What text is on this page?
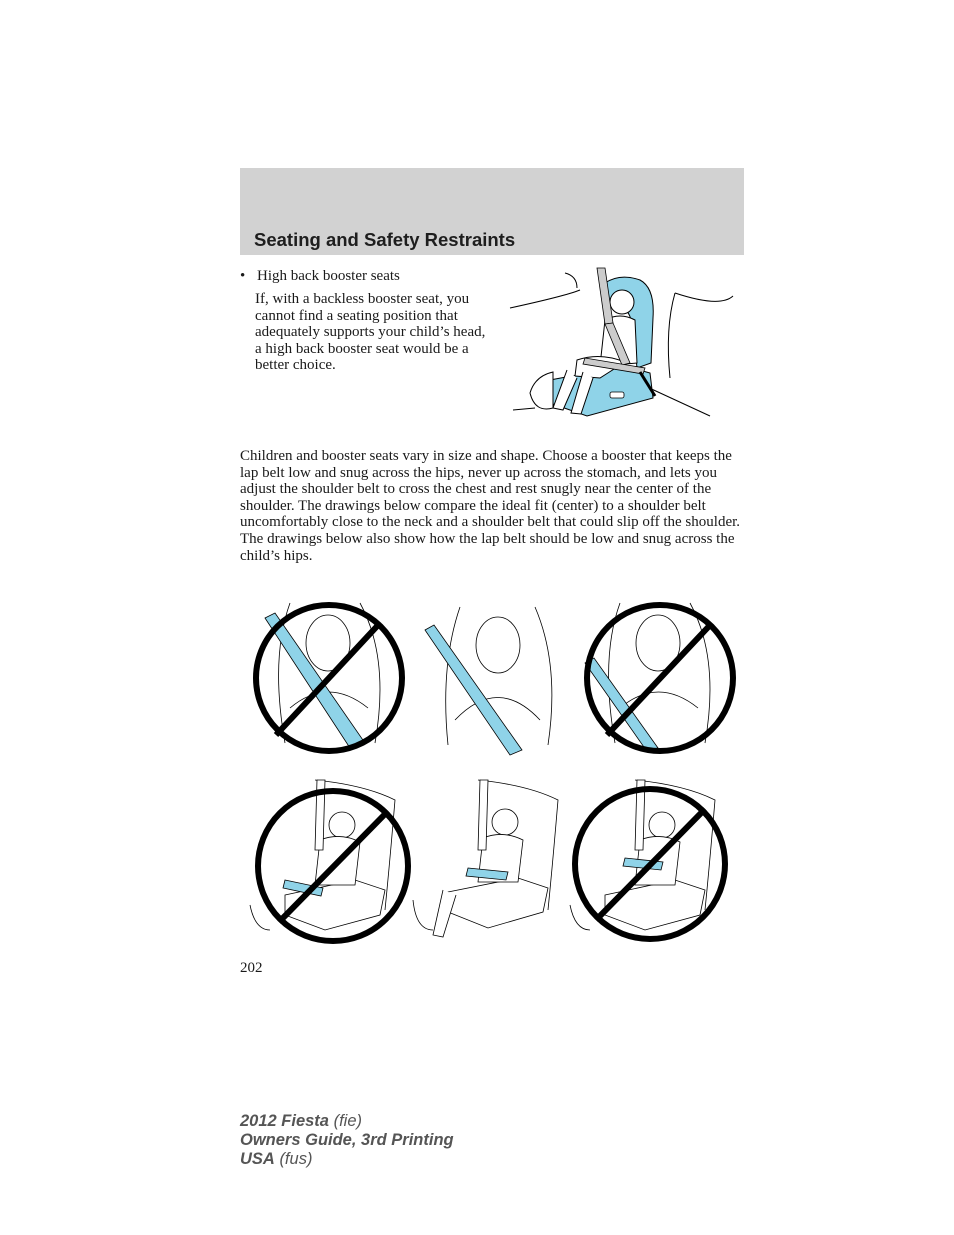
Seating and Safety Restraints
• High back booster seats
If, with a backless booster seat, you cannot find a seating position that adequately supports your child’s head, a high back booster seat would be a better choice.
Children and booster seats vary in size and shape. Choose a booster that keeps the lap belt low and snug across the hips, never up across the stomach, and lets you adjust the shoulder belt to cross the chest and rest snugly near the center of the shoulder. The drawings below compare the ideal fit (center) to a shoulder belt uncomfortably close to the neck and a shoulder belt that could slip off the shoulder. The drawings below also show how the lap belt should be low and snug across the child’s hips.
202
2012 Fiesta (fie)
Owners Guide, 3rd Printing
USA (fus)
